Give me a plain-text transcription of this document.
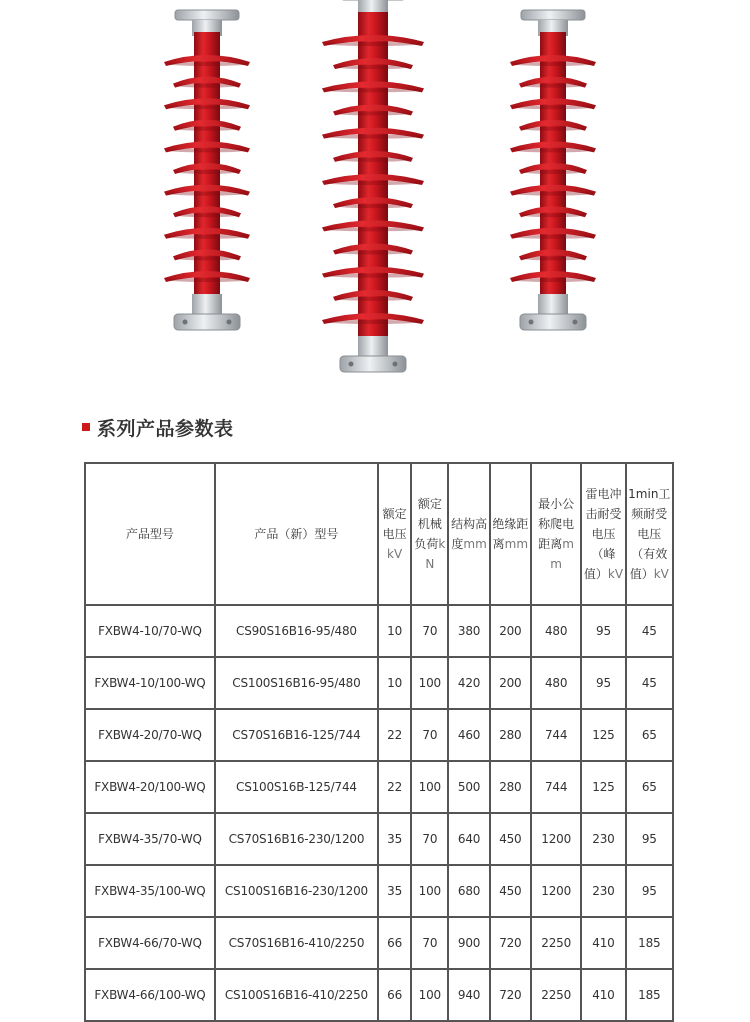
系列产品参数表
产品型号	产品（新）型号	额定电压kV	额定机械负荷kN	结构高度mm	绝缘距离mm	最小公称爬电距离mm	雷电冲击耐受电压（峰值）kV	1min工频耐受电压（有效值）kV
FXBW4-10/70-WQ	CS90S16B16-95/480	10	70	380	200	480	95	45
FXBW4-10/100-WQ	CS100S16B16-95/480	10	100	420	200	480	95	45
FXBW4-20/70-WQ	CS70S16B16-125/744	22	70	460	280	744	125	65
FXBW4-20/100-WQ	CS100S16B-125/744	22	100	500	280	744	125	65
FXBW4-35/70-WQ	CS70S16B16-230/1200	35	70	640	450	1200	230	95
FXBW4-35/100-WQ	CS100S16B16-230/1200	35	100	680	450	1200	230	95
FXBW4-66/70-WQ	CS70S16B16-410/2250	66	70	900	720	2250	410	185
FXBW4-66/100-WQ	CS100S16B16-410/2250	66	100	940	720	2250	410	185
